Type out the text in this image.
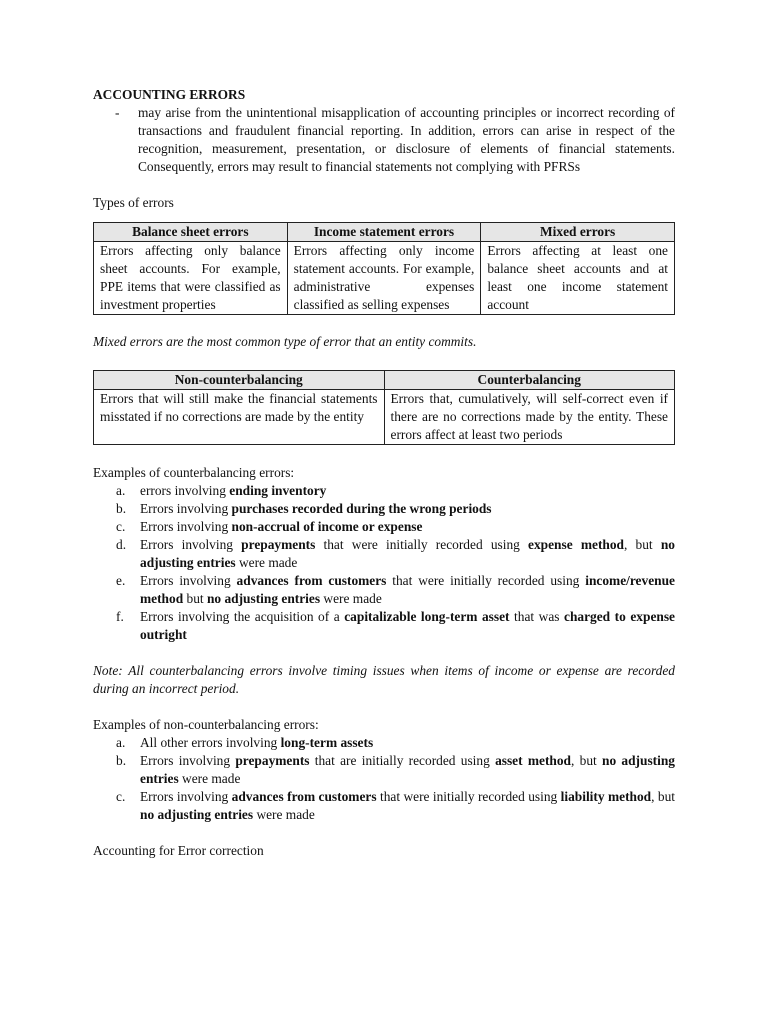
ACCOUNTING ERRORS

-	may arise from the unintentional misapplication of accounting principles or incorrect recording of transactions and fraudulent financial reporting. In addition, errors can arise in respect of the recognition, measurement, presentation, or disclosure of elements of financial statements. Consequently, errors may result to financial statements not complying with PFRSs

Types of errors

Balance sheet errors	Income statement errors	Mixed errors
Errors affecting only balance sheet accounts. For example, PPE items that were classified as investment properties	Errors affecting only income statement accounts. For example, administrative expenses classified as selling expenses	Errors affecting at least one balance sheet accounts and at least one income statement account

Mixed errors are the most common type of error that an entity commits.

Non-counterbalancing	Counterbalancing
Errors that will still make the financial statements misstated if no corrections are made by the entity	Errors that, cumulatively, will self-correct even if there are no corrections made by the entity. These errors affect at least two periods

Examples of counterbalancing errors:

a.	errors involving ending inventory
b.	Errors involving purchases recorded during the wrong periods
c.	Errors involving non-accrual of income or expense
d.	Errors involving prepayments that were initially recorded using expense method, but no adjusting entries were made
e.	Errors involving advances from customers that were initially recorded using income/revenue method but no adjusting entries were made
f.	Errors involving the acquisition of a capitalizable long-term asset that was charged to expense outright

Note: All counterbalancing errors involve timing issues when items of income or expense are recorded during an incorrect period.

Examples of non-counterbalancing errors:

a.	All other errors involving long-term assets
b.	Errors involving prepayments that are initially recorded using asset method, but no adjusting entries were made
c.	Errors involving advances from customers that were initially recorded using liability method, but no adjusting entries were made

Accounting for Error correction
